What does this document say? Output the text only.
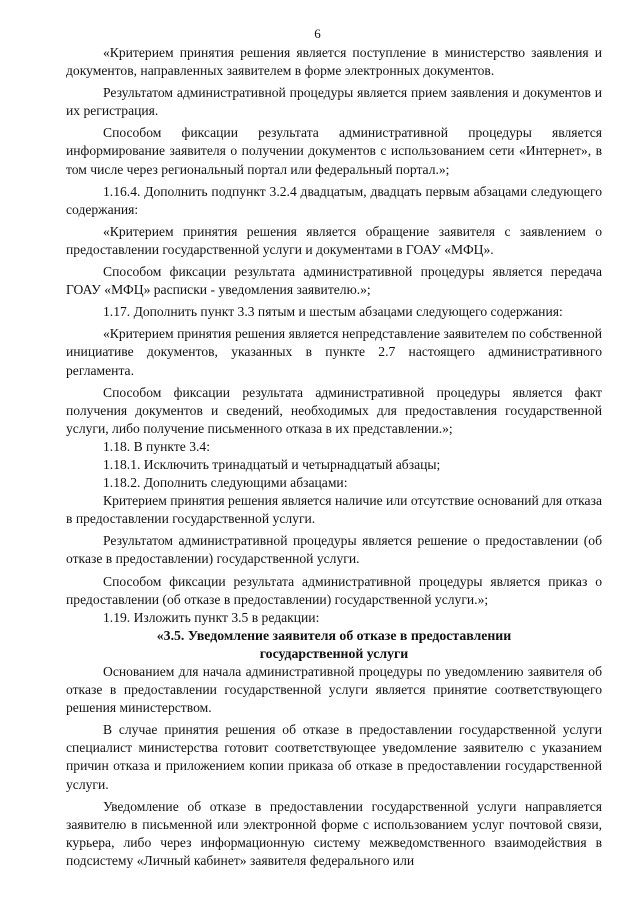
6

«Критерием принятия решения является поступление в министерство заявления и документов, направленных заявителем в форме электронных документов.

Результатом административной процедуры является прием заявления и документов и их регистрация.

Способом фиксации результата административной процедуры является информирование заявителя о получении документов с использованием сети «Интернет», в том числе через региональный портал или федеральный портал.»;

1.16.4. Дополнить подпункт 3.2.4 двадцатым, двадцать первым абзацами следующего содержания:

«Критерием принятия решения является обращение заявителя с заявлением о предоставлении государственной услуги и документами в ГОАУ «МФЦ».

Способом фиксации результата административной процедуры является передача ГОАУ «МФЦ» расписки - уведомления заявителю.»;

1.17. Дополнить пункт 3.3 пятым и шестым абзацами следующего содержания:

«Критерием принятия решения является непредставление заявителем по собственной инициативе документов, указанных в пункте 2.7 настоящего административного регламента.

Способом фиксации результата административной процедуры является факт получения документов и сведений, необходимых для предоставления государственной услуги, либо получение письменного отказа в их представлении.»;

1.18. В пункте 3.4:

1.18.1. Исключить тринадцатый и четырнадцатый абзацы;

1.18.2. Дополнить следующими абзацами:

Критерием принятия решения является наличие или отсутствие оснований для отказа в предоставлении государственной услуги.

Результатом административной процедуры является решение о предоставлении (об отказе в предоставлении) государственной услуги.

Способом фиксации результата административной процедуры является приказ о предоставлении (об отказе в предоставлении) государственной услуги.»;

1.19. Изложить пункт 3.5 в редакции:

«3.5. Уведомление заявителя об отказе в предоставлении
государственной услуги

Основанием для начала административной процедуры по уведомлению заявителя об отказе в предоставлении государственной услуги является принятие соответствующего решения министерством.

В случае принятия решения об отказе в предоставлении государственной услуги специалист министерства готовит соответствующее уведомление заявителю с указанием причин отказа и приложением копии приказа об отказе в предоставлении государственной услуги.

Уведомление об отказе в предоставлении государственной услуги направляется заявителю в письменной или электронной форме с использованием услуг почтовой связи, курьера, либо через информационную систему межведомственного взаимодействия в подсистему «Личный кабинет» заявителя федерального или
